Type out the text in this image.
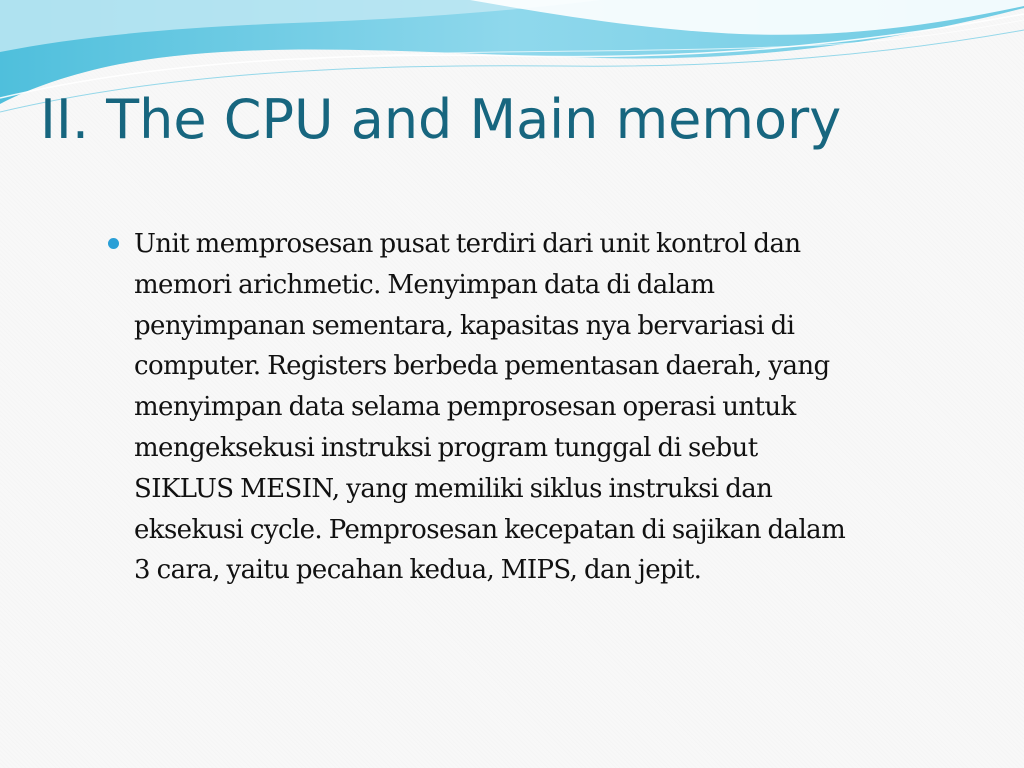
II. The CPU and Main memory
Unit memprosesan pusat terdiri dari unit kontrol dan
memori arichmetic. Menyimpan data di dalam
penyimpanan sementara, kapasitas nya bervariasi di
computer. Registers berbeda pementasan daerah, yang
menyimpan data selama pemprosesan operasi untuk
mengeksekusi instruksi program tunggal di sebut
SIKLUS MESIN, yang memiliki siklus instruksi dan
eksekusi cycle. Pemprosesan kecepatan di sajikan dalam
3 cara, yaitu pecahan kedua, MIPS, dan jepit.
